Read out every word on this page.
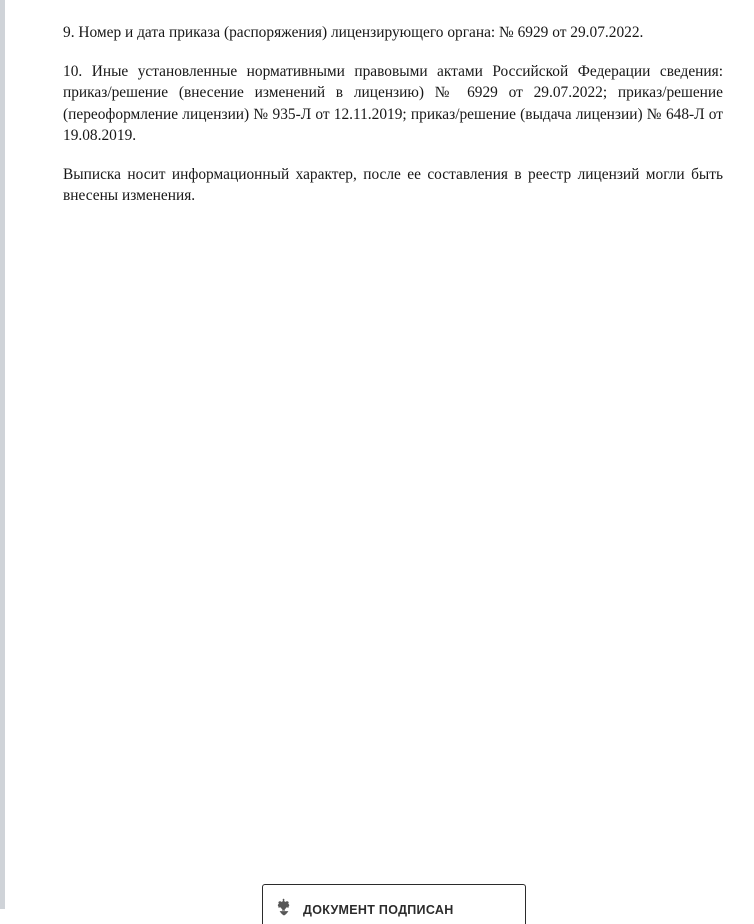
9. Номер и дата приказа (распоряжения) лицензирующего органа: № 6929 от 29.07.2022.

10. Иные установленные нормативными правовыми актами Российской Федерации сведения: приказ/решение (внесение изменений в лицензию) № 6929 от 29.07.2022; приказ/решение (переоформление лицензии) № 935-Л от 12.11.2019; приказ/решение (выдача лицензии) № 648-Л от 19.08.2019.

Выписка носит информационный характер, после ее составления в реестр лицензий могли быть внесены изменения.

ДОКУМЕНТ ПОДПИСАН
